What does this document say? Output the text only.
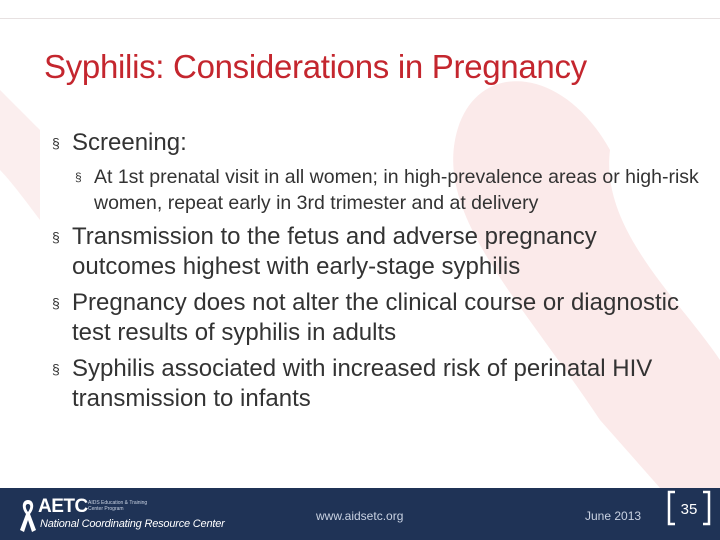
Syphilis: Considerations in Pregnancy
§ Screening:
§ At 1st prenatal visit in all women; in high-prevalence areas or high-risk women, repeat early in 3rd trimester and at delivery
§ Transmission to the fetus and adverse pregnancy outcomes highest with early-stage syphilis
§ Pregnancy does not alter the clinical course or diagnostic test results of syphilis in adults
§ Syphilis associated with increased risk of perinatal HIV transmission to infants
AETC AIDS Education & Training Center Program
National Coordinating Resource Center
www.aidsetc.org	June 2013	35
